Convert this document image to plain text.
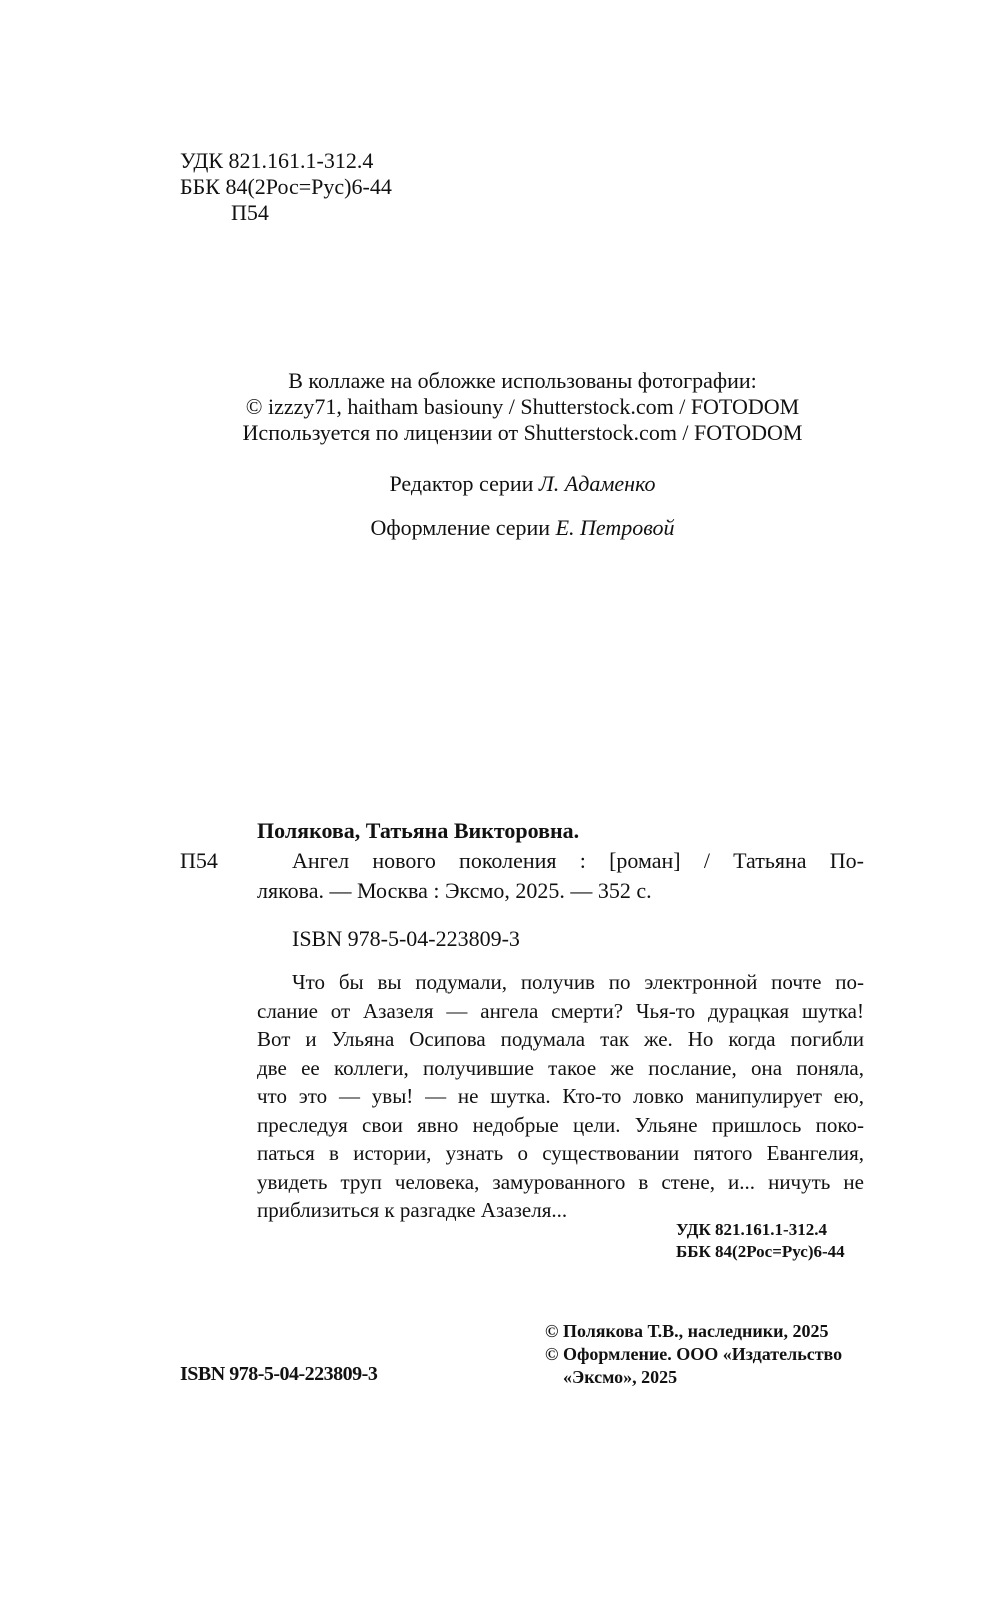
УДК 821.161.1-312.4
ББК 84(2Рос=Рус)6-44
П54
В коллаже на обложке использованы фотографии:
© izzzy71, haitham basiouny / Shutterstock.com / FOTODOM
Используется по лицензии от Shutterstock.com / FOTODOM
Редактор серии Л. Адаменко
Оформление серии Е. Петровой
Полякова, Татьяна Викторовна.
П54	Ангел нового поколения : [роман] / Татьяна По-
лякова. — Москва : Эксмо, 2025. — 352 с.
ISBN 978-5-04-223809-3
Что бы вы подумали, получив по электронной почте по-
слание от Азазеля — ангела смерти? Чья-то дурацкая шутка!
Вот и Ульяна Осипова подумала так же. Но когда погибли
две ее коллеги, получившие такое же послание, она поняла,
что это — увы! — не шутка. Кто-то ловко манипулирует ею,
преследуя свои явно недобрые цели. Ульяне пришлось поко-
паться в истории, узнать о существовании пятого Евангелия,
увидеть труп человека, замурованного в стене, и... ничуть не
приблизиться к разгадке Азазеля...
УДК 821.161.1-312.4
ББК 84(2Рос=Рус)6-44
ISBN 978-5-04-223809-3
© Полякова Т.В., наследники, 2025
© Оформление. ООО «Издательство
«Эксмо», 2025
